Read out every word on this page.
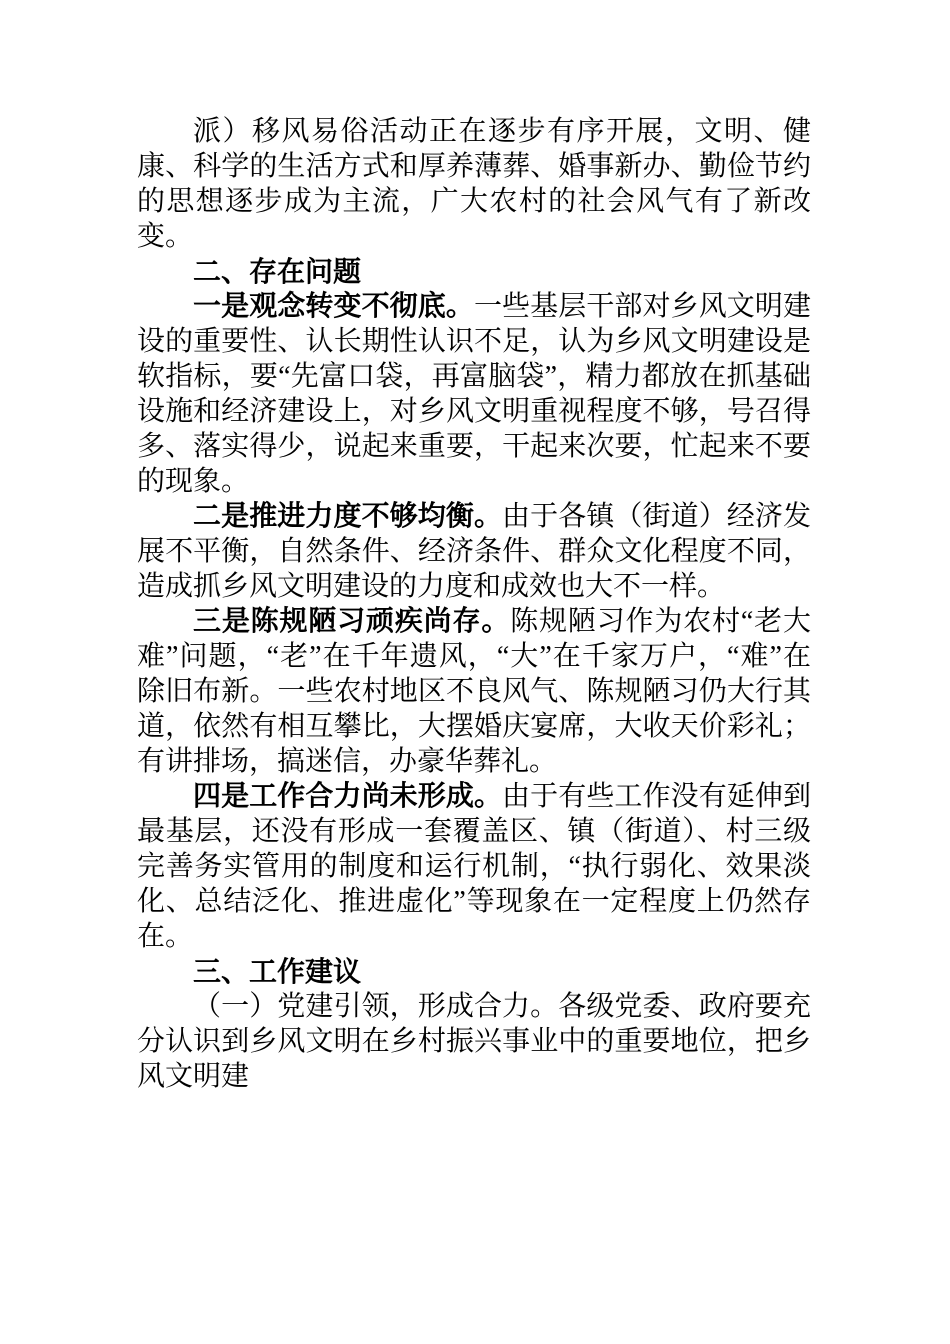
派）移风易俗活动正在逐步有序开展，文明、健康、科学的生活方式和厚养薄葬、婚事新办、勤俭节约的思想逐步成为主流，广大农村的社会风气有了新改变。

二、存在问题

一是观念转变不彻底。一些基层干部对乡风文明建设的重要性、认长期性认识不足，认为乡风文明建设是软指标，要“先富口袋，再富脑袋”，精力都放在抓基础设施和经济建设上，对乡风文明重视程度不够，号召得多、落实得少，说起来重要，干起来次要，忙起来不要的现象。

二是推进力度不够均衡。由于各镇（街道）经济发展不平衡，自然条件、经济条件、群众文化程度不同，造成抓乡风文明建设的力度和成效也大不一样。

三是陈规陋习顽疾尚存。陈规陋习作为农村“老大难”问题，“老”在千年遗风，“大”在千家万户，“难”在除旧布新。一些农村地区不良风气、陈规陋习仍大行其道，依然有相互攀比，大摆婚庆宴席，大收天价彩礼；有讲排场，搞迷信，办豪华葬礼。

四是工作合力尚未形成。由于有些工作没有延伸到最基层，还没有形成一套覆盖区、镇（街道）、村三级完善务实管用的制度和运行机制，“执行弱化、效果淡化、总结泛化、推进虚化”等现象在一定程度上仍然存在。

三、工作建议

（一）党建引领，形成合力。各级党委、政府要充分认识到乡风文明在乡村振兴事业中的重要地位，把乡风文明建
